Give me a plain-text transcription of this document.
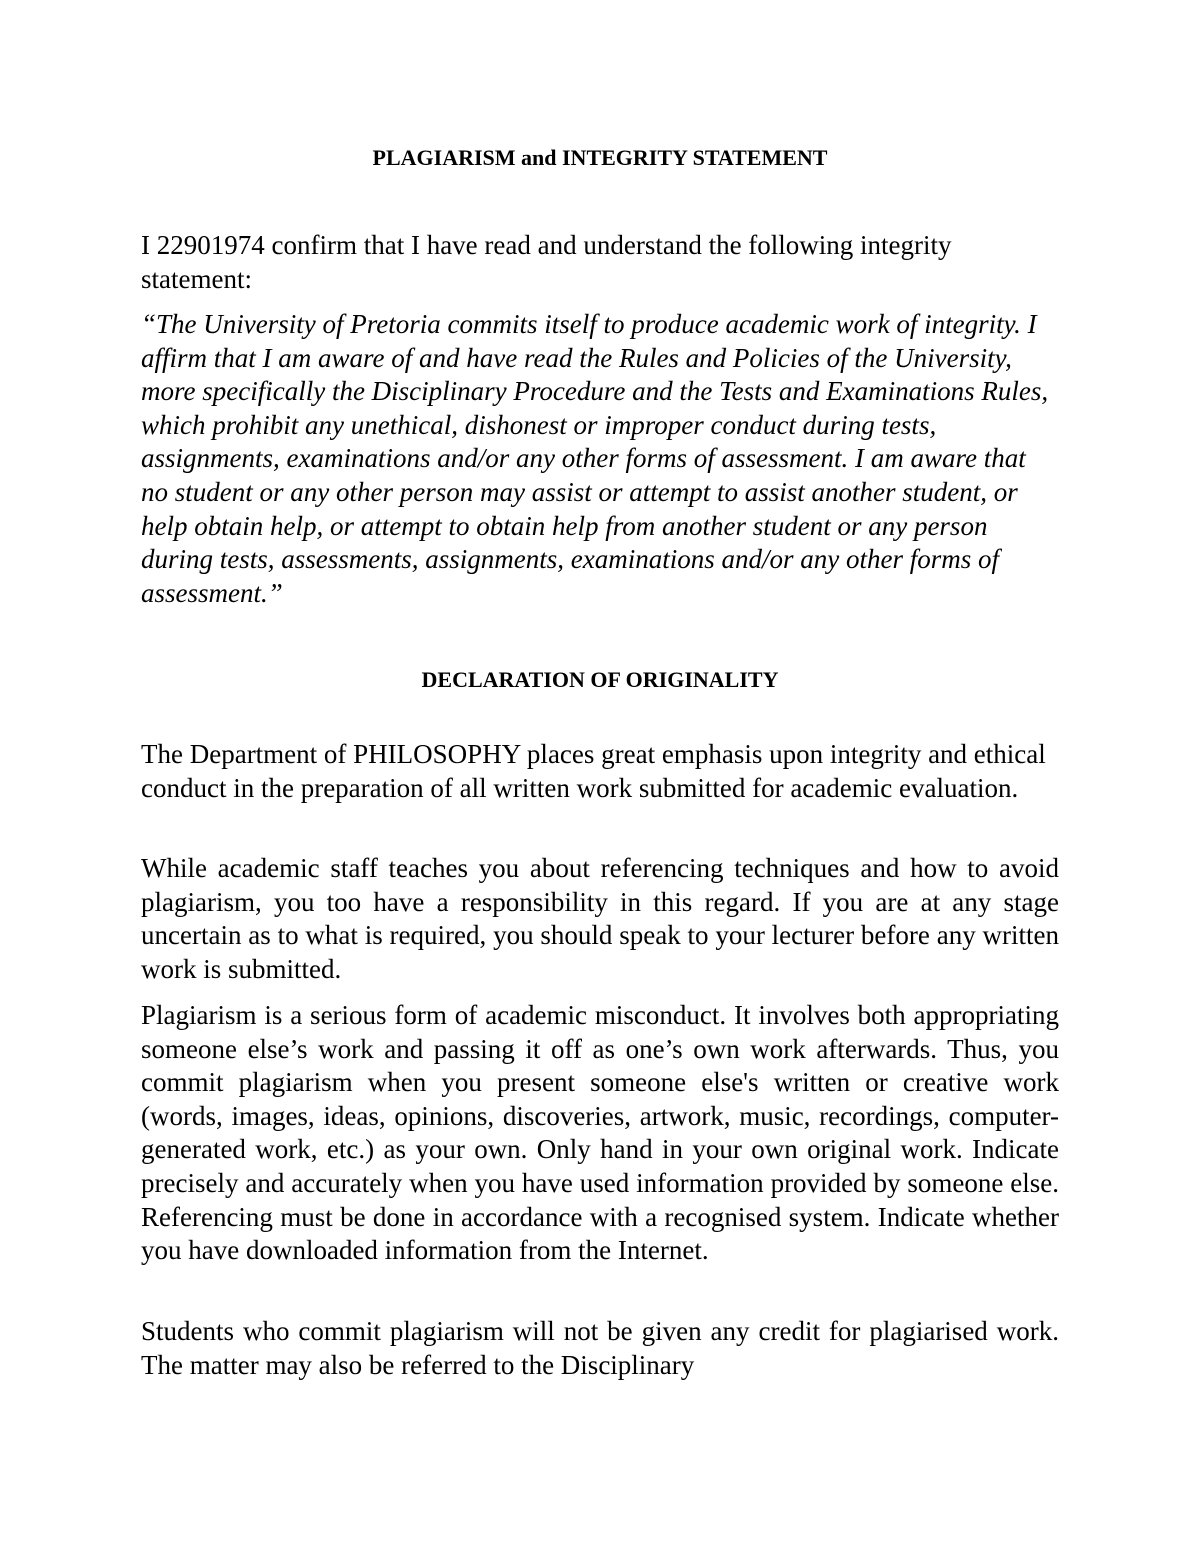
PLAGIARISM and INTEGRITY STATEMENT

I 22901974 confirm that I have read and understand the following integrity statement:

“The University of Pretoria commits itself to produce academic work of integrity. I affirm that I am aware of and have read the Rules and Policies of the University, more specifically the Disciplinary Procedure and the Tests and Examinations Rules, which prohibit any unethical, dishonest or improper conduct during tests, assignments, examinations and/or any other forms of assessment. I am aware that no student or any other person may assist or attempt to assist another student, or help obtain help, or attempt to obtain help from another student or any person during tests, assessments, assignments, examinations and/or any other forms of assessment.”

DECLARATION OF ORIGINALITY

The Department of PHILOSOPHY places great emphasis upon integrity and ethical conduct in the preparation of all written work submitted for academic evaluation.

While academic staff teaches you about referencing techniques and how to avoid plagiarism, you too have a responsibility in this regard. If you are at any stage uncertain as to what is required, you should speak to your lecturer before any written work is submitted.

Plagiarism is a serious form of academic misconduct. It involves both appropriating someone else’s work and passing it off as one’s own work afterwards. Thus, you commit plagiarism when you present someone else's written or creative work (words, images, ideas, opinions, discoveries, artwork, music, recordings, computer-generated work, etc.) as your own. Only hand in your own original work. Indicate precisely and accurately when you have used information provided by someone else. Referencing must be done in accordance with a recognised system. Indicate whether you have downloaded information from the Internet.

Students who commit plagiarism will not be given any credit for plagiarised work. The matter may also be referred to the Disciplinary
